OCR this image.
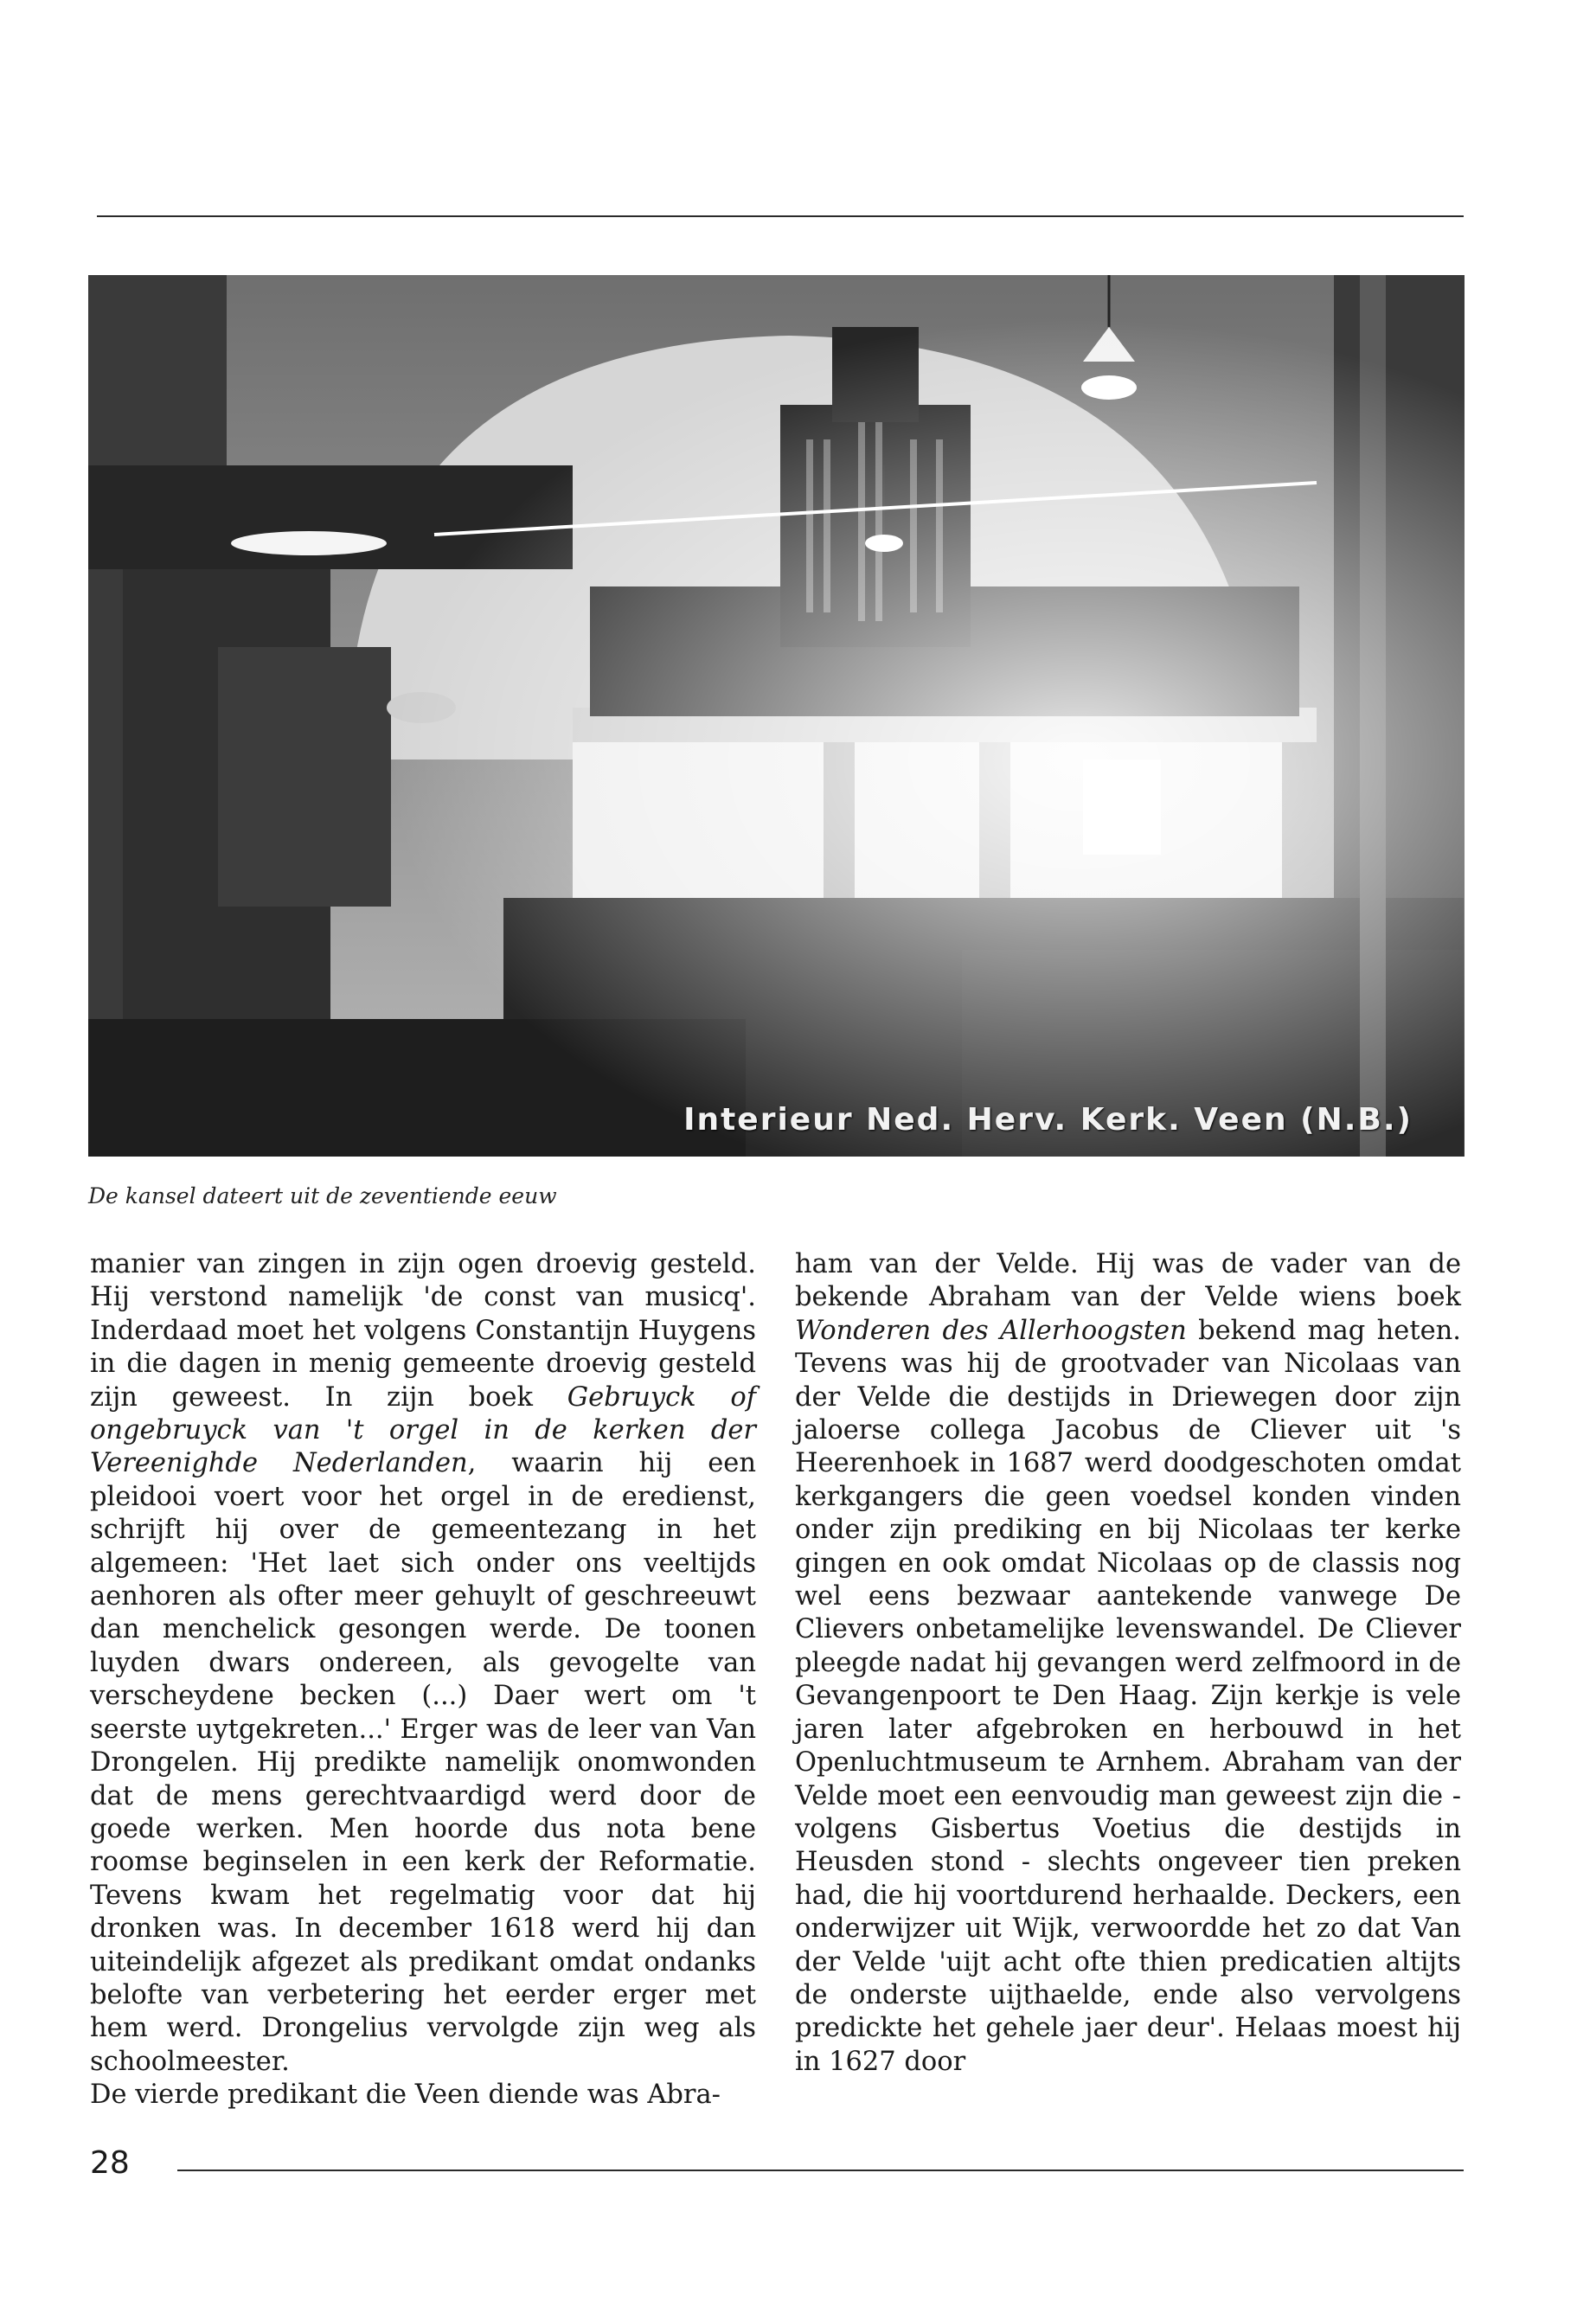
Interieur Ned. Herv. Kerk. Veen (N.B.)
De kansel dateert uit de zeventiende eeuw

manier van zingen in zijn ogen droevig gesteld. Hij verstond namelijk 'de const van musicq'. Inderdaad moet het volgens Constantijn Huygens in die dagen in menig gemeente droevig gesteld zijn geweest. In zijn boek Gebruyck of ongebruyck van 't orgel in de kerken der Vereenighde Nederlanden, waarin hij een pleidooi voert voor het orgel in de eredienst, schrijft hij over de gemeentezang in het algemeen: 'Het laet sich onder ons veeltijds aenhoren als ofter meer gehuylt of geschreeuwt dan menchelick gesongen werde. De toonen luyden dwars ondereen, als gevogelte van verscheydene becken (...) Daer wert om 't seerste uytgekreten...' Erger was de leer van Van Drongelen. Hij predikte namelijk onomwonden dat de mens gerechtvaardigd werd door de goede werken. Men hoorde dus nota bene roomse beginselen in een kerk der Reformatie. Tevens kwam het regelmatig voor dat hij dronken was. In december 1618 werd hij dan uiteindelijk afgezet als predikant omdat ondanks belofte van verbetering het eerder erger met hem werd. Drongelius vervolgde zijn weg als schoolmeester.

De vierde predikant die Veen diende was Abra-

ham van der Velde. Hij was de vader van de bekende Abraham van der Velde wiens boek Wonderen des Allerhoogsten bekend mag heten. Tevens was hij de grootvader van Nicolaas van der Velde die destijds in Driewegen door zijn jaloerse collega Jacobus de Cliever uit 's Heerenhoek in 1687 werd doodgeschoten omdat kerkgangers die geen voedsel konden vinden onder zijn prediking en bij Nicolaas ter kerke gingen en ook omdat Nicolaas op de classis nog wel eens bezwaar aantekende vanwege De Clievers onbetamelijke levenswandel. De Cliever pleegde nadat hij gevangen werd zelfmoord in de Gevangenpoort te Den Haag. Zijn kerkje is vele jaren later afgebroken en herbouwd in het Openluchtmuseum te Arnhem. Abraham van der Velde moet een eenvoudig man geweest zijn die - volgens Gisbertus Voetius die destijds in Heusden stond - slechts ongeveer tien preken had, die hij voortdurend herhaalde. Deckers, een onderwijzer uit Wijk, verwoordde het zo dat Van der Velde 'uijt acht ofte thien predicatien altijts de onderste uijthaelde, ende also vervolgens predickte het gehele jaer deur'. Helaas moest hij in 1627 door

28
